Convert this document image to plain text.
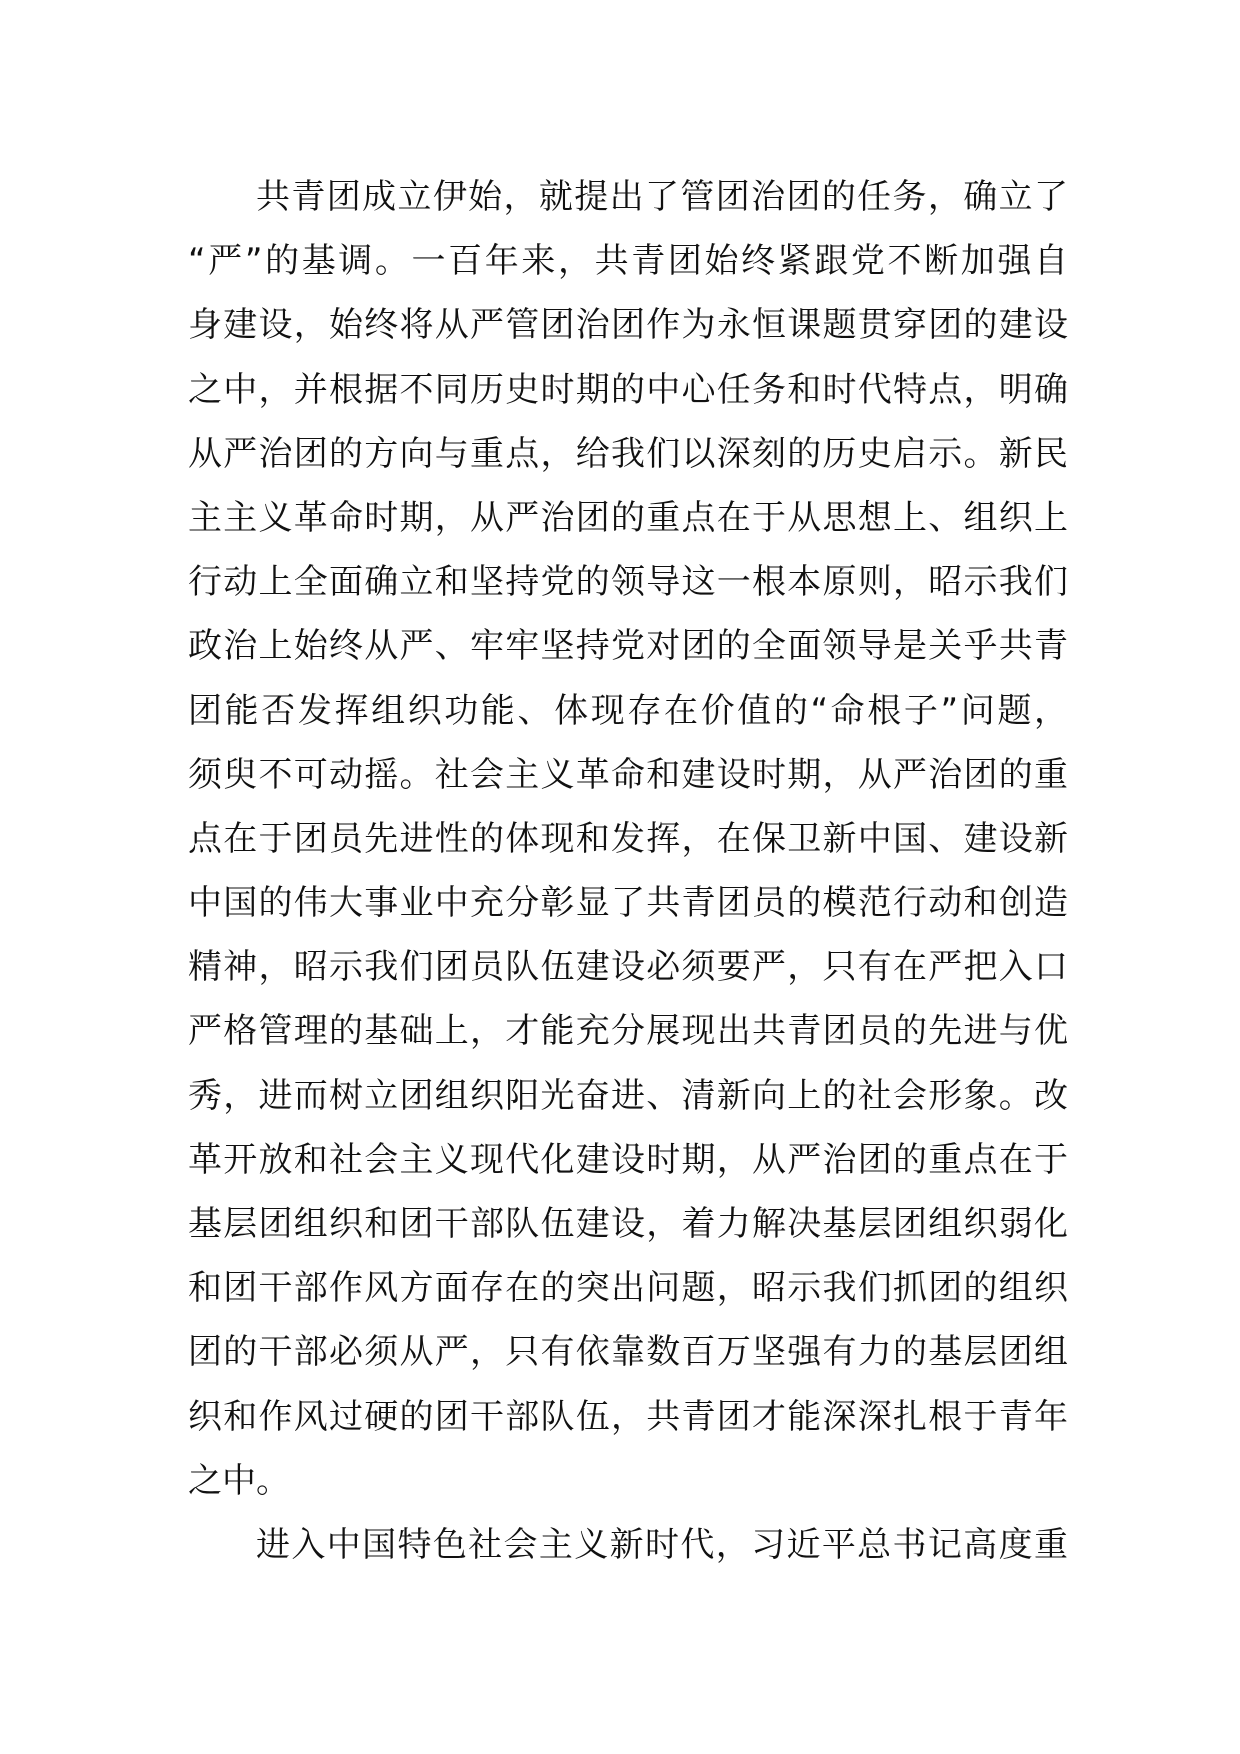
共青团成立伊始，就提出了管团治团的任务，确立了
“严”的基调。一百年来，共青团始终紧跟党不断加强自
身建设，始终将从严管团治团作为永恒课题贯穿团的建设
之中，并根据不同历史时期的中心任务和时代特点，明确
从严治团的方向与重点，给我们以深刻的历史启示。新民
主主义革命时期，从严治团的重点在于从思想上、组织上
行动上全面确立和坚持党的领导这一根本原则，昭示我们
政治上始终从严、牢牢坚持党对团的全面领导是关乎共青
团能否发挥组织功能、体现存在价值的“命根子”问题，
须臾不可动摇。社会主义革命和建设时期，从严治团的重
点在于团员先进性的体现和发挥，在保卫新中国、建设新
中国的伟大事业中充分彰显了共青团员的模范行动和创造
精神，昭示我们团员队伍建设必须要严，只有在严把入口
严格管理的基础上，才能充分展现出共青团员的先进与优
秀，进而树立团组织阳光奋进、清新向上的社会形象。改
革开放和社会主义现代化建设时期，从严治团的重点在于
基层团组织和团干部队伍建设，着力解决基层团组织弱化
和团干部作风方面存在的突出问题，昭示我们抓团的组织
团的干部必须从严，只有依靠数百万坚强有力的基层团组
织和作风过硬的团干部队伍，共青团才能深深扎根于青年
之中。
进入中国特色社会主义新时代，习近平总书记高度重
